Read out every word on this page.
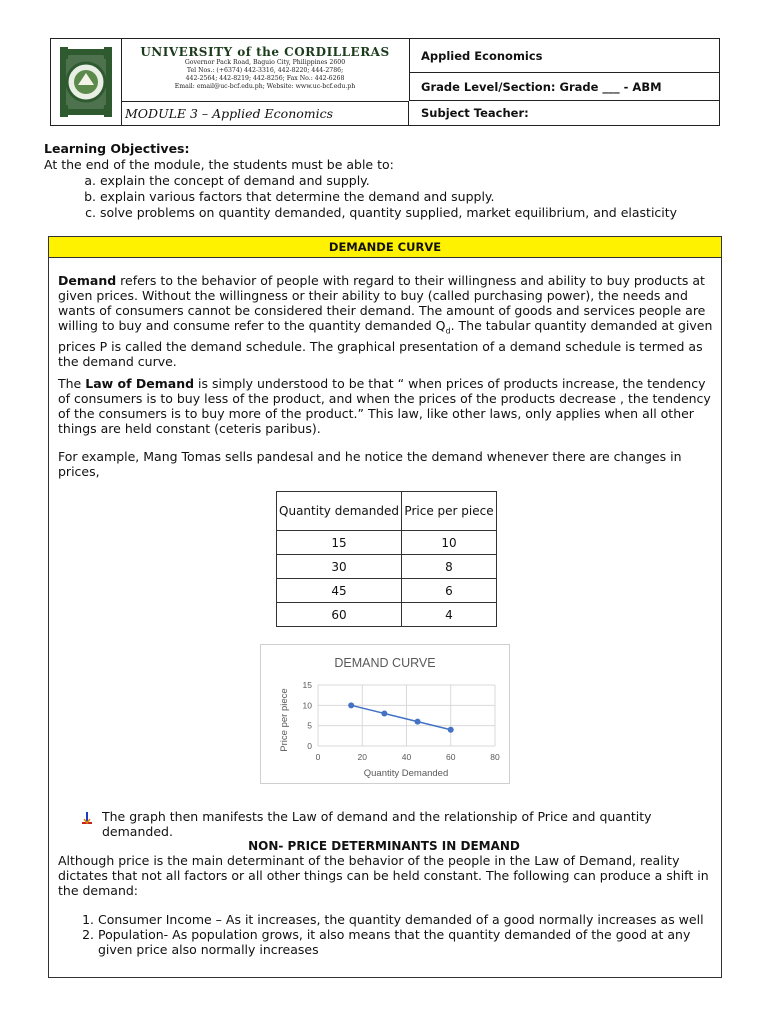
UNIVERSITY of the CORDILLERAS
Governor Pack Road, Baguio City, Philippines 2600
Tel Nos.: (+6374) 442-3316, 442-8220; 444-2786;
442-2564; 442-8219; 442-8256; Fax No.: 442-6268
Email: email@uc-bcf.edu.ph; Website: www.uc-bcf.edu.ph
MODULE 3 – Applied Economics
Applied Economics
Grade Level/Section: Grade ___ - ABM
Subject Teacher:
Learning Objectives:
At the end of the module, the students must be able to:
a. explain the concept of demand and supply.
b. explain various factors that determine the demand and supply.
c. solve problems on quantity demanded, quantity supplied, market equilibrium, and elasticity
DEMANDE CURVE
Demand refers to the behavior of people with regard to their willingness and ability to buy products at given prices. Without the willingness or their ability to buy (called purchasing power), the needs and wants of consumers cannot be considered their demand. The amount of goods and services people are willing to buy and consume refer to the quantity demanded $Q_d$. The tabular quantity demanded at given prices P is called the demand schedule. The graphical presentation of a demand schedule is termed as the demand curve.
The Law of Demand is simply understood to be that “ when prices of products increase, the tendency of consumers is to buy less of the product, and when the prices of the products decrease , the tendency of the consumers is to buy more of the product.” This law, like other laws, only applies when all other things are held constant (ceteris paribus).
For example, Mang Tomas sells pandesal and he notice the demand whenever there are changes in prices,
Quantity demanded	Price per piece
15	10
30	8
45	6
60	4
DEMAND CURVE
Price per piece
Quantity Demanded
0
5
10
15
0	20	40	60	80
The graph then manifests the Law of demand and the relationship of Price and quantity demanded.
NON- PRICE DETERMINANTS IN DEMAND
Although price is the main determinant of the behavior of the people in the Law of Demand, reality dictates that not all factors or all other things can be held constant. The following can produce a shift in the demand:
1. Consumer Income – As it increases, the quantity demanded of a good normally increases as well
2. Population- As population grows, it also means that the quantity demanded of the good at any given price also normally increases
